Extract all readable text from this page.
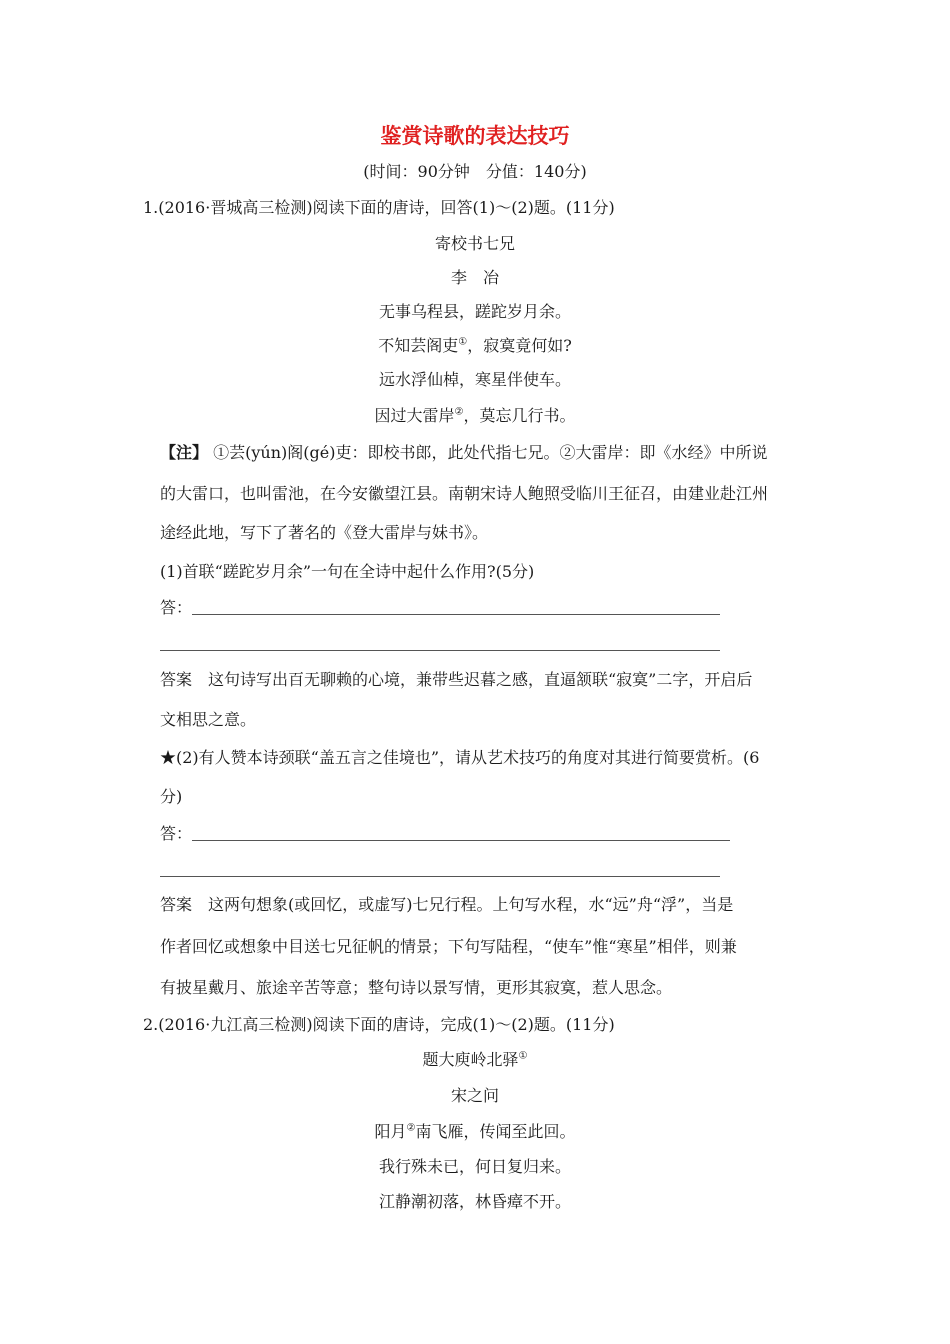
鉴赏诗歌的表达技巧
(时间：90分钟　分值：140分)
1.(2016·晋城高三检测)阅读下面的唐诗，回答(1)～(2)题。(11分)
寄校书七兄
李　冶
无事乌程县，蹉跎岁月余。
不知芸阁吏①，寂寞竟何如?
远水浮仙棹，寒星伴使车。
因过大雷岸②，莫忘几行书。
【注】 ①芸(yún)阁(gé)吏：即校书郎，此处代指七兄。②大雷岸：即《水经》中所说
的大雷口，也叫雷池，在今安徽望江县。南朝宋诗人鲍照受临川王征召，由建业赴江州
途经此地，写下了著名的《登大雷岸与妹书》。
(1)首联“蹉跎岁月余”一句在全诗中起什么作用?(5分)
答：
答案　这句诗写出百无聊赖的心境，兼带些迟暮之感，直逼颔联“寂寞”二字，开启后
文相思之意。
★(2)有人赞本诗颈联“盖五言之佳境也”，请从艺术技巧的角度对其进行简要赏析。(6
分)
答：
答案　这两句想象(或回忆，或虚写)七兄行程。上句写水程，水“远”舟“浮”，当是
作者回忆或想象中目送七兄征帆的情景；下句写陆程，“使车”惟“寒星”相伴，则兼
有披星戴月、旅途辛苦等意；整句诗以景写情，更形其寂寞，惹人思念。
2.(2016·九江高三检测)阅读下面的唐诗，完成(1)～(2)题。(11分)
题大庾岭北驿①
宋之问
阳月②南飞雁，传闻至此回。
我行殊未已，何日复归来。
江静潮初落，林昏瘴不开。
